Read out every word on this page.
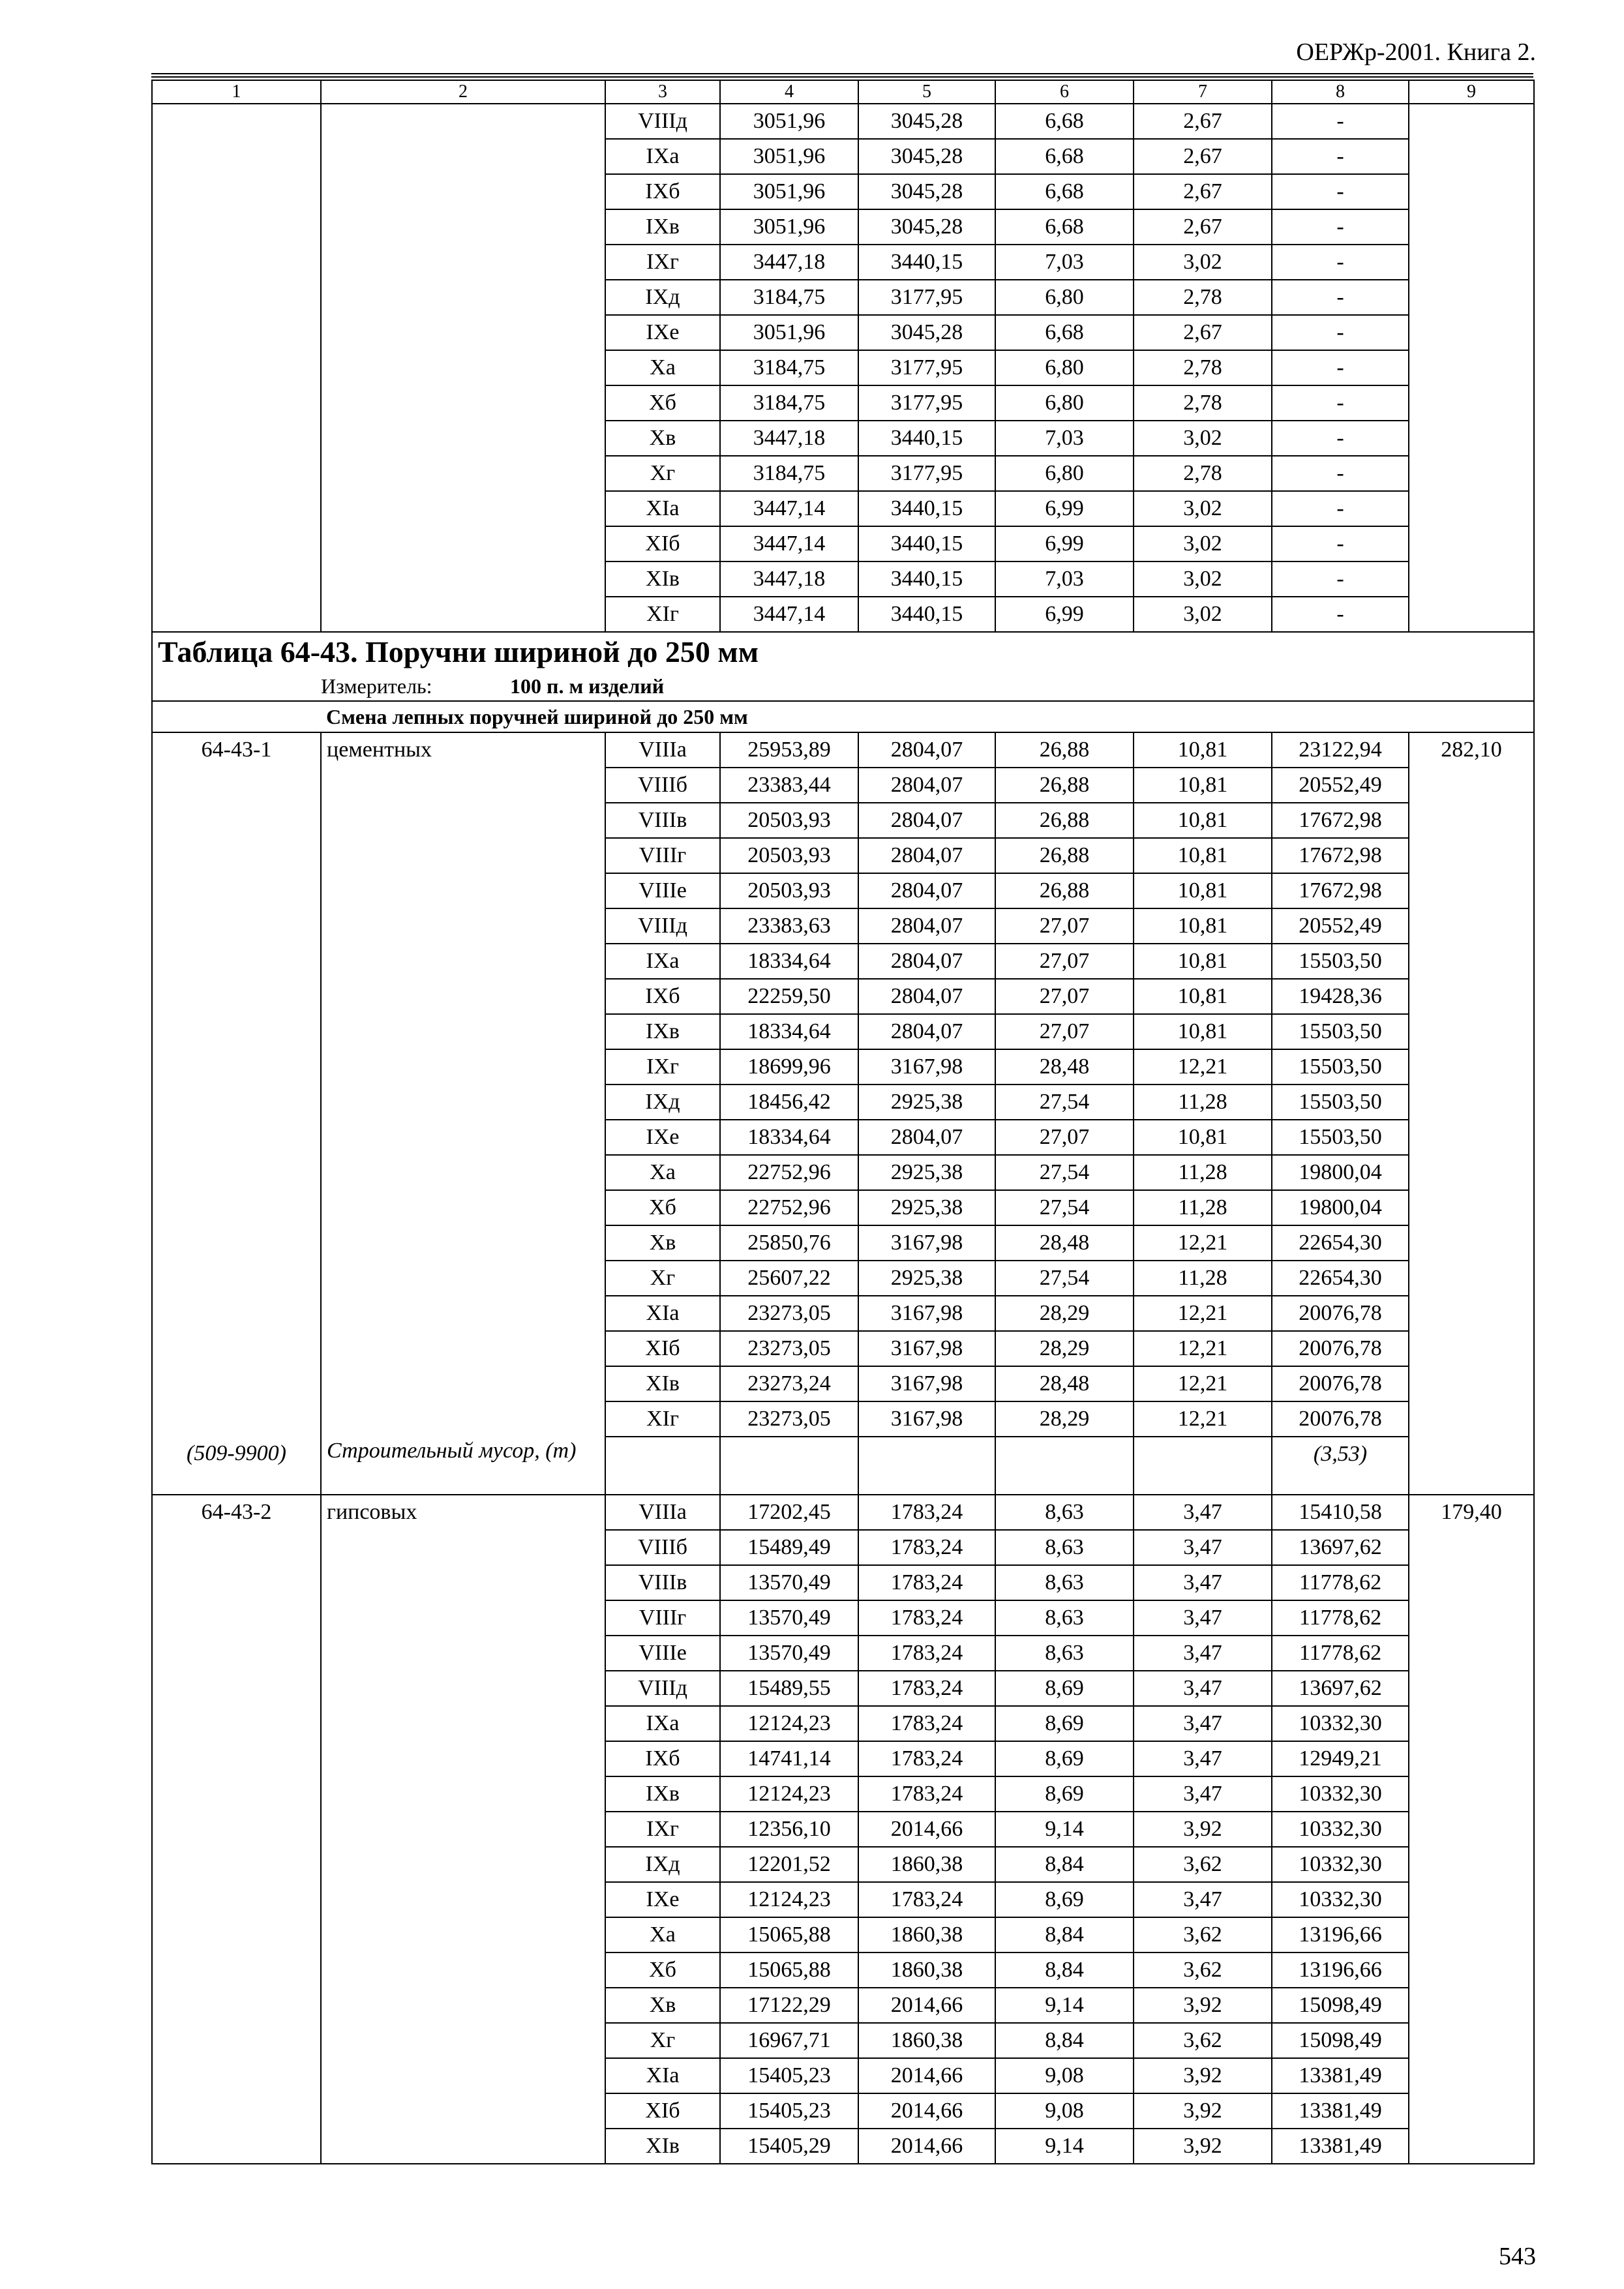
ОЕРЖр-2001. Книга 2.
1	2	3	4	5	6	7	8	9
		VIIIд	3051,96	3045,28	6,68	2,67	-	
		IXа	3051,96	3045,28	6,68	2,67	-	
		IXб	3051,96	3045,28	6,68	2,67	-	
		IXв	3051,96	3045,28	6,68	2,67	-	
		IXг	3447,18	3440,15	7,03	3,02	-	
		IXд	3184,75	3177,95	6,80	2,78	-	
		IXе	3051,96	3045,28	6,68	2,67	-	
		Xа	3184,75	3177,95	6,80	2,78	-	
		Xб	3184,75	3177,95	6,80	2,78	-	
		Xв	3447,18	3440,15	7,03	3,02	-	
		Xг	3184,75	3177,95	6,80	2,78	-	
		XIа	3447,14	3440,15	6,99	3,02	-	
		XIб	3447,14	3440,15	6,99	3,02	-	
		XIв	3447,18	3440,15	7,03	3,02	-	
		XIг	3447,14	3440,15	6,99	3,02	-	
Таблица 64-43. Поручни шириной до 250 мм								
Измеритель: 100 п. м изделий								
Смена лепных поручней шириной до 250 мм								
64-43-1	цементных	VIIIа	25953,89	2804,07	26,88	10,81	23122,94	282,10
		VIIIб	23383,44	2804,07	26,88	10,81	20552,49	
		VIIIв	20503,93	2804,07	26,88	10,81	17672,98	
		VIIIг	20503,93	2804,07	26,88	10,81	17672,98	
		VIIIе	20503,93	2804,07	26,88	10,81	17672,98	
		VIIIд	23383,63	2804,07	27,07	10,81	20552,49	
		IXа	18334,64	2804,07	27,07	10,81	15503,50	
		IXб	22259,50	2804,07	27,07	10,81	19428,36	
		IXв	18334,64	2804,07	27,07	10,81	15503,50	
		IXг	18699,96	3167,98	28,48	12,21	15503,50	
		IXд	18456,42	2925,38	27,54	11,28	15503,50	
		IXе	18334,64	2804,07	27,07	10,81	15503,50	
		Xа	22752,96	2925,38	27,54	11,28	19800,04	
		Xб	22752,96	2925,38	27,54	11,28	19800,04	
		Xв	25850,76	3167,98	28,48	12,21	22654,30	
		Xг	25607,22	2925,38	27,54	11,28	22654,30	
		XIа	23273,05	3167,98	28,29	12,21	20076,78	
		XIб	23273,05	3167,98	28,29	12,21	20076,78	
		XIв	23273,24	3167,98	28,48	12,21	20076,78	
		XIг	23273,05	3167,98	28,29	12,21	20076,78	
(509-9900)	Строительный мусор, (т)						(3,53)	
64-43-2	гипсовых	VIIIа	17202,45	1783,24	8,63	3,47	15410,58	179,40
		VIIIб	15489,49	1783,24	8,63	3,47	13697,62	
		VIIIв	13570,49	1783,24	8,63	3,47	11778,62	
		VIIIг	13570,49	1783,24	8,63	3,47	11778,62	
		VIIIе	13570,49	1783,24	8,63	3,47	11778,62	
		VIIIд	15489,55	1783,24	8,69	3,47	13697,62	
		IXа	12124,23	1783,24	8,69	3,47	10332,30	
		IXб	14741,14	1783,24	8,69	3,47	12949,21	
		IXв	12124,23	1783,24	8,69	3,47	10332,30	
		IXг	12356,10	2014,66	9,14	3,92	10332,30	
		IXд	12201,52	1860,38	8,84	3,62	10332,30	
		IXе	12124,23	1783,24	8,69	3,47	10332,30	
		Xа	15065,88	1860,38	8,84	3,62	13196,66	
		Xб	15065,88	1860,38	8,84	3,62	13196,66	
		Xв	17122,29	2014,66	9,14	3,92	15098,49	
		Xг	16967,71	1860,38	8,84	3,62	15098,49	
		XIа	15405,23	2014,66	9,08	3,92	13381,49	
		XIб	15405,23	2014,66	9,08	3,92	13381,49	
		XIв	15405,29	2014,66	9,14	3,92	13381,49	
543
